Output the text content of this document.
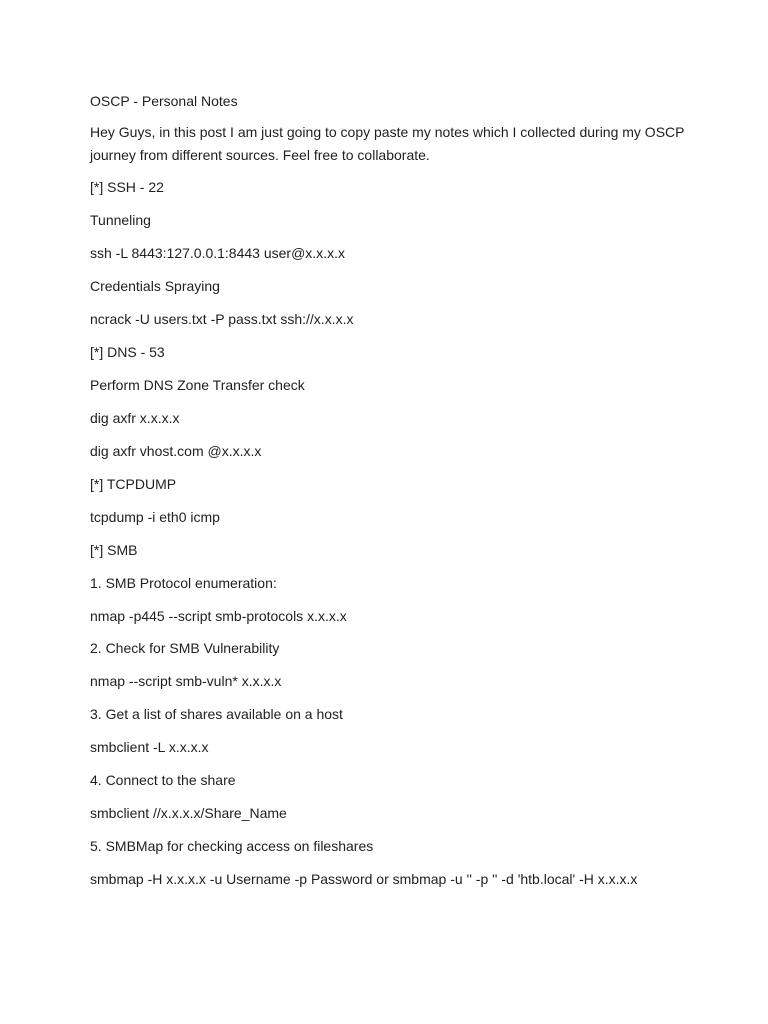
OSCP - Personal Notes

Hey Guys, in this post I am just going to copy paste my notes which I collected during my OSCP journey from different sources. Feel free to collaborate.

[*] SSH - 22

Tunneling

ssh -L 8443:127.0.0.1:8443 user@x.x.x.x

Credentials Spraying

ncrack -U users.txt -P pass.txt ssh://x.x.x.x

[*] DNS - 53

Perform DNS Zone Transfer check

dig axfr x.x.x.x

dig axfr vhost.com @x.x.x.x

[*] TCPDUMP

tcpdump -i eth0 icmp

[*] SMB

1. SMB Protocol enumeration:

nmap -p445 --script smb-protocols x.x.x.x

2. Check for SMB Vulnerability

nmap --script smb-vuln* x.x.x.x

3. Get a list of shares available on a host

smbclient -L x.x.x.x

4. Connect to the share

smbclient //x.x.x.x/Share_Name

5. SMBMap for checking access on fileshares

smbmap -H x.x.x.x -u Username -p Password or smbmap -u '' -p '' -d 'htb.local' -H x.x.x.x
